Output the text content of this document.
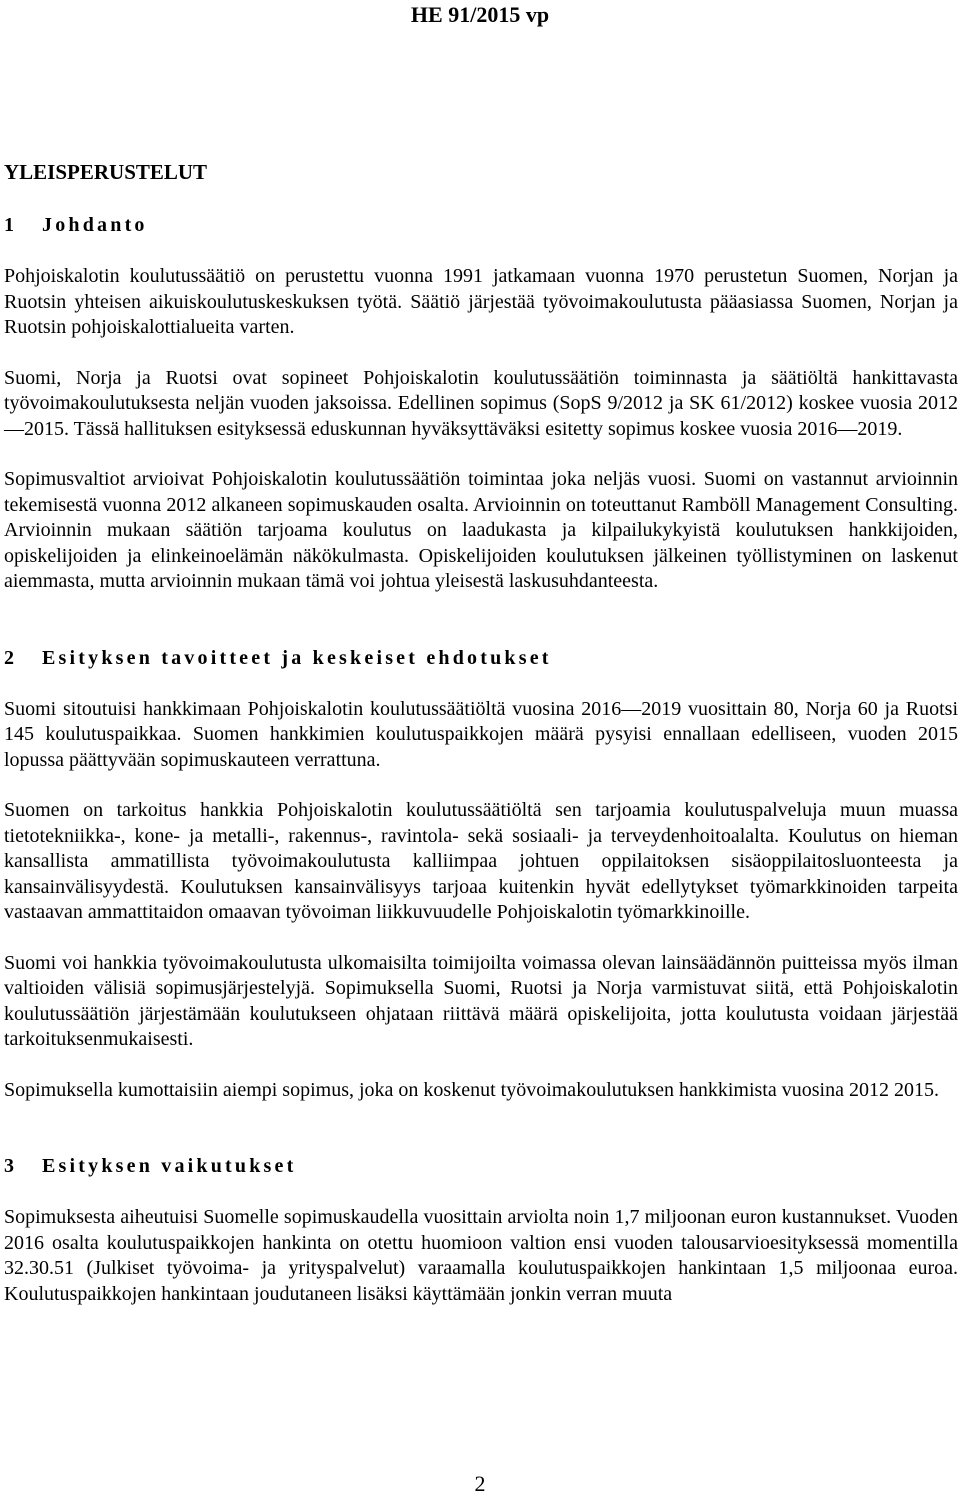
HE 91/2015 vp
YLEISPERUSTELUT
1 Johdanto

Pohjoiskalotin koulutussäätiö on perustettu vuonna 1991 jatkamaan vuonna 1970 perustetun Suomen, Norjan ja Ruotsin yhteisen aikuiskoulutuskeskuksen työtä. Säätiö järjestää työvoimakoulutusta pääasiassa Suomen, Norjan ja Ruotsin pohjoiskalottialueita varten.

Suomi, Norja ja Ruotsi ovat sopineet Pohjoiskalotin koulutussäätiön toiminnasta ja säätiöltä hankittavasta työvoimakoulutuksesta neljän vuoden jaksoissa. Edellinen sopimus (SopS 9/2012 ja SK 61/2012) koskee vuosia 2012—2015. Tässä hallituksen esityksessä eduskunnan hyväksyttäväksi esitetty sopimus koskee vuosia 2016—2019.

Sopimusvaltiot arvioivat Pohjoiskalotin koulutussäätiön toimintaa joka neljäs vuosi. Suomi on vastannut arvioinnin tekemisestä vuonna 2012 alkaneen sopimuskauden osalta. Arvioinnin on toteuttanut Ramböll Management Consulting. Arvioinnin mukaan säätiön tarjoama koulutus on laadukasta ja kilpailukykyistä koulutuksen hankkijoiden, opiskelijoiden ja elinkeinoelämän näkökulmasta. Opiskelijoiden koulutuksen jälkeinen työllistyminen on laskenut aiemmasta, mutta arvioinnin mukaan tämä voi johtua yleisestä laskusuhdanteesta.

2 Esityksen tavoitteet ja keskeiset ehdotukset

Suomi sitoutuisi hankkimaan Pohjoiskalotin koulutussäätiöltä vuosina 2016—2019 vuosittain 80, Norja 60 ja Ruotsi 145 koulutuspaikkaa. Suomen hankkimien koulutuspaikkojen määrä pysyisi ennallaan edelliseen, vuoden 2015 lopussa päättyvään sopimuskauteen verrattuna.

Suomen on tarkoitus hankkia Pohjoiskalotin koulutussäätiöltä sen tarjoamia koulutuspalveluja muun muassa tietotekniikka-, kone- ja metalli-, rakennus-, ravintola- sekä sosiaali- ja terveydenhoitoalalta. Koulutus on hieman kansallista ammatillista työvoimakoulutusta kalliimpaa johtuen oppilaitoksen sisäoppilaitosluonteesta ja kansainvälisyydestä. Koulutuksen kansainvälisyys tarjoaa kuitenkin hyvät edellytykset työmarkkinoiden tarpeita vastaavan ammattitaidon omaavan työvoiman liikkuvuudelle Pohjoiskalotin työmarkkinoille.

Suomi voi hankkia työvoimakoulutusta ulkomaisilta toimijoilta voimassa olevan lainsäädännön puitteissa myös ilman valtioiden välisiä sopimusjärjestelyjä. Sopimuksella Suomi, Ruotsi ja Norja varmistuvat siitä, että Pohjoiskalotin koulutussäätiön järjestämään koulutukseen ohjataan riittävä määrä opiskelijoita, jotta koulutusta voidaan järjestää tarkoituksenmukaisesti.

Sopimuksella kumottaisiin aiempi sopimus, joka on koskenut työvoimakoulutuksen hankkimista vuosina 2012 2015.

3 Esityksen vaikutukset

Sopimuksesta aiheutuisi Suomelle sopimuskaudella vuosittain arviolta noin 1,7 miljoonan euron kustannukset. Vuoden 2016 osalta koulutuspaikkojen hankinta on otettu huomioon valtion ensi vuoden talousarvioesityksessä momentilla 32.30.51 (Julkiset työvoima- ja yrityspalvelut) varaamalla koulutuspaikkojen hankintaan 1,5 miljoonaa euroa. Koulutuspaikkojen hankintaan joudutaneen lisäksi käyttämään jonkin verran muuta

2
